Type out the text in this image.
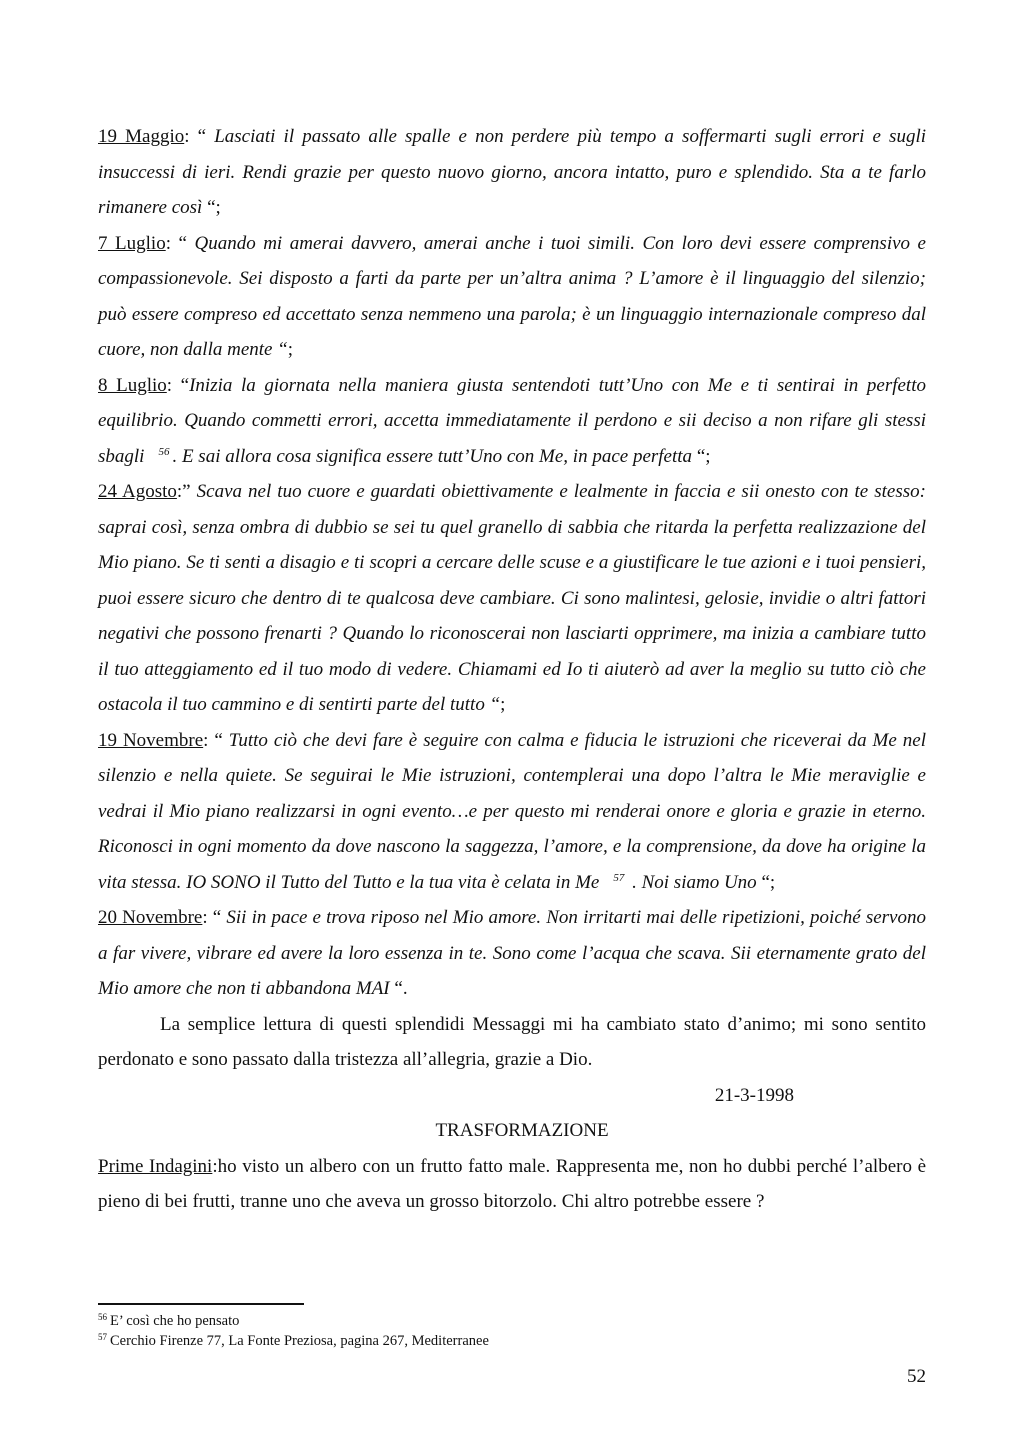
19 Maggio: “ Lasciati il passato alle spalle e non perdere più tempo a soffermarti sugli errori e sugli insuccessi di ieri. Rendi grazie per questo nuovo giorno, ancora intatto, puro e splendido. Sta a te farlo rimanere così “;

7 Luglio: “ Quando mi amerai davvero, amerai anche i tuoi simili. Con loro devi essere comprensivo e compassionevole. Sei disposto a farti da parte per un’altra anima ? L’amore è il linguaggio del silenzio; può essere compreso ed accettato senza nemmeno una parola; è un linguaggio internazionale compreso dal cuore, non dalla mente “;

8 Luglio: “Inizia la giornata nella maniera giusta sentendoti tutt’Uno con Me e ti sentirai in perfetto equilibrio. Quando commetti errori, accetta immediatamente il perdono e sii deciso a non rifare gli stessi sbagli $^{56}$ . E sai allora cosa significa essere tutt’Uno con Me, in pace perfetta “;

24 Agosto:” Scava nel tuo cuore e guardati obiettivamente e lealmente in faccia e sii onesto con te stesso: saprai così, senza ombra di dubbio se sei tu quel granello di sabbia che ritarda la perfetta realizzazione del Mio piano. Se ti senti a disagio e ti scopri a cercare delle scuse e a giustificare le tue azioni e i tuoi pensieri, puoi essere sicuro che dentro di te qualcosa deve cambiare. Ci sono malintesi, gelosie, invidie o altri fattori negativi che possono frenarti ? Quando lo riconoscerai non lasciarti opprimere, ma inizia a cambiare tutto il tuo atteggiamento ed il tuo modo di vedere. Chiamami ed Io ti aiuterò ad aver la meglio su tutto ciò che ostacola il tuo cammino e di sentirti parte del tutto “;

19 Novembre: “ Tutto ciò che devi fare è seguire con calma e fiducia le istruzioni che riceverai da Me nel silenzio e nella quiete. Se seguirai le Mie istruzioni, contemplerai una dopo l’altra le Mie meraviglie e vedrai il Mio piano realizzarsi in ogni evento…e per questo mi renderai onore e gloria e grazie in eterno. Riconosci in ogni momento da dove nascono la saggezza, l’amore, e la comprensione, da dove ha origine la vita stessa. IO SONO il Tutto del Tutto e la tua vita è celata in Me $^{57}$ . Noi siamo Uno “;

20 Novembre: “ Sii in pace e trova riposo nel Mio amore. Non irritarti mai delle ripetizioni, poiché servono a far vivere, vibrare ed avere la loro essenza in te. Sono come l’acqua che scava. Sii eternamente grato del Mio amore che non ti abbandona MAI “.

La semplice lettura di questi splendidi Messaggi mi ha cambiato stato d’animo; mi sono sentito perdonato e sono passato dalla tristezza all’allegria, grazie a Dio.

21-3-1998

TRASFORMAZIONE

Prime Indagini:ho visto un albero con un frutto fatto male. Rappresenta me, non ho dubbi perché l’albero è pieno di bei frutti, tranne uno che aveva un grosso bitorzolo. Chi altro potrebbe essere ?

$^{56}$ E’ così che ho pensato

$^{57}$ Cerchio Firenze 77, La Fonte Preziosa, pagina 267, Mediterranee

52
